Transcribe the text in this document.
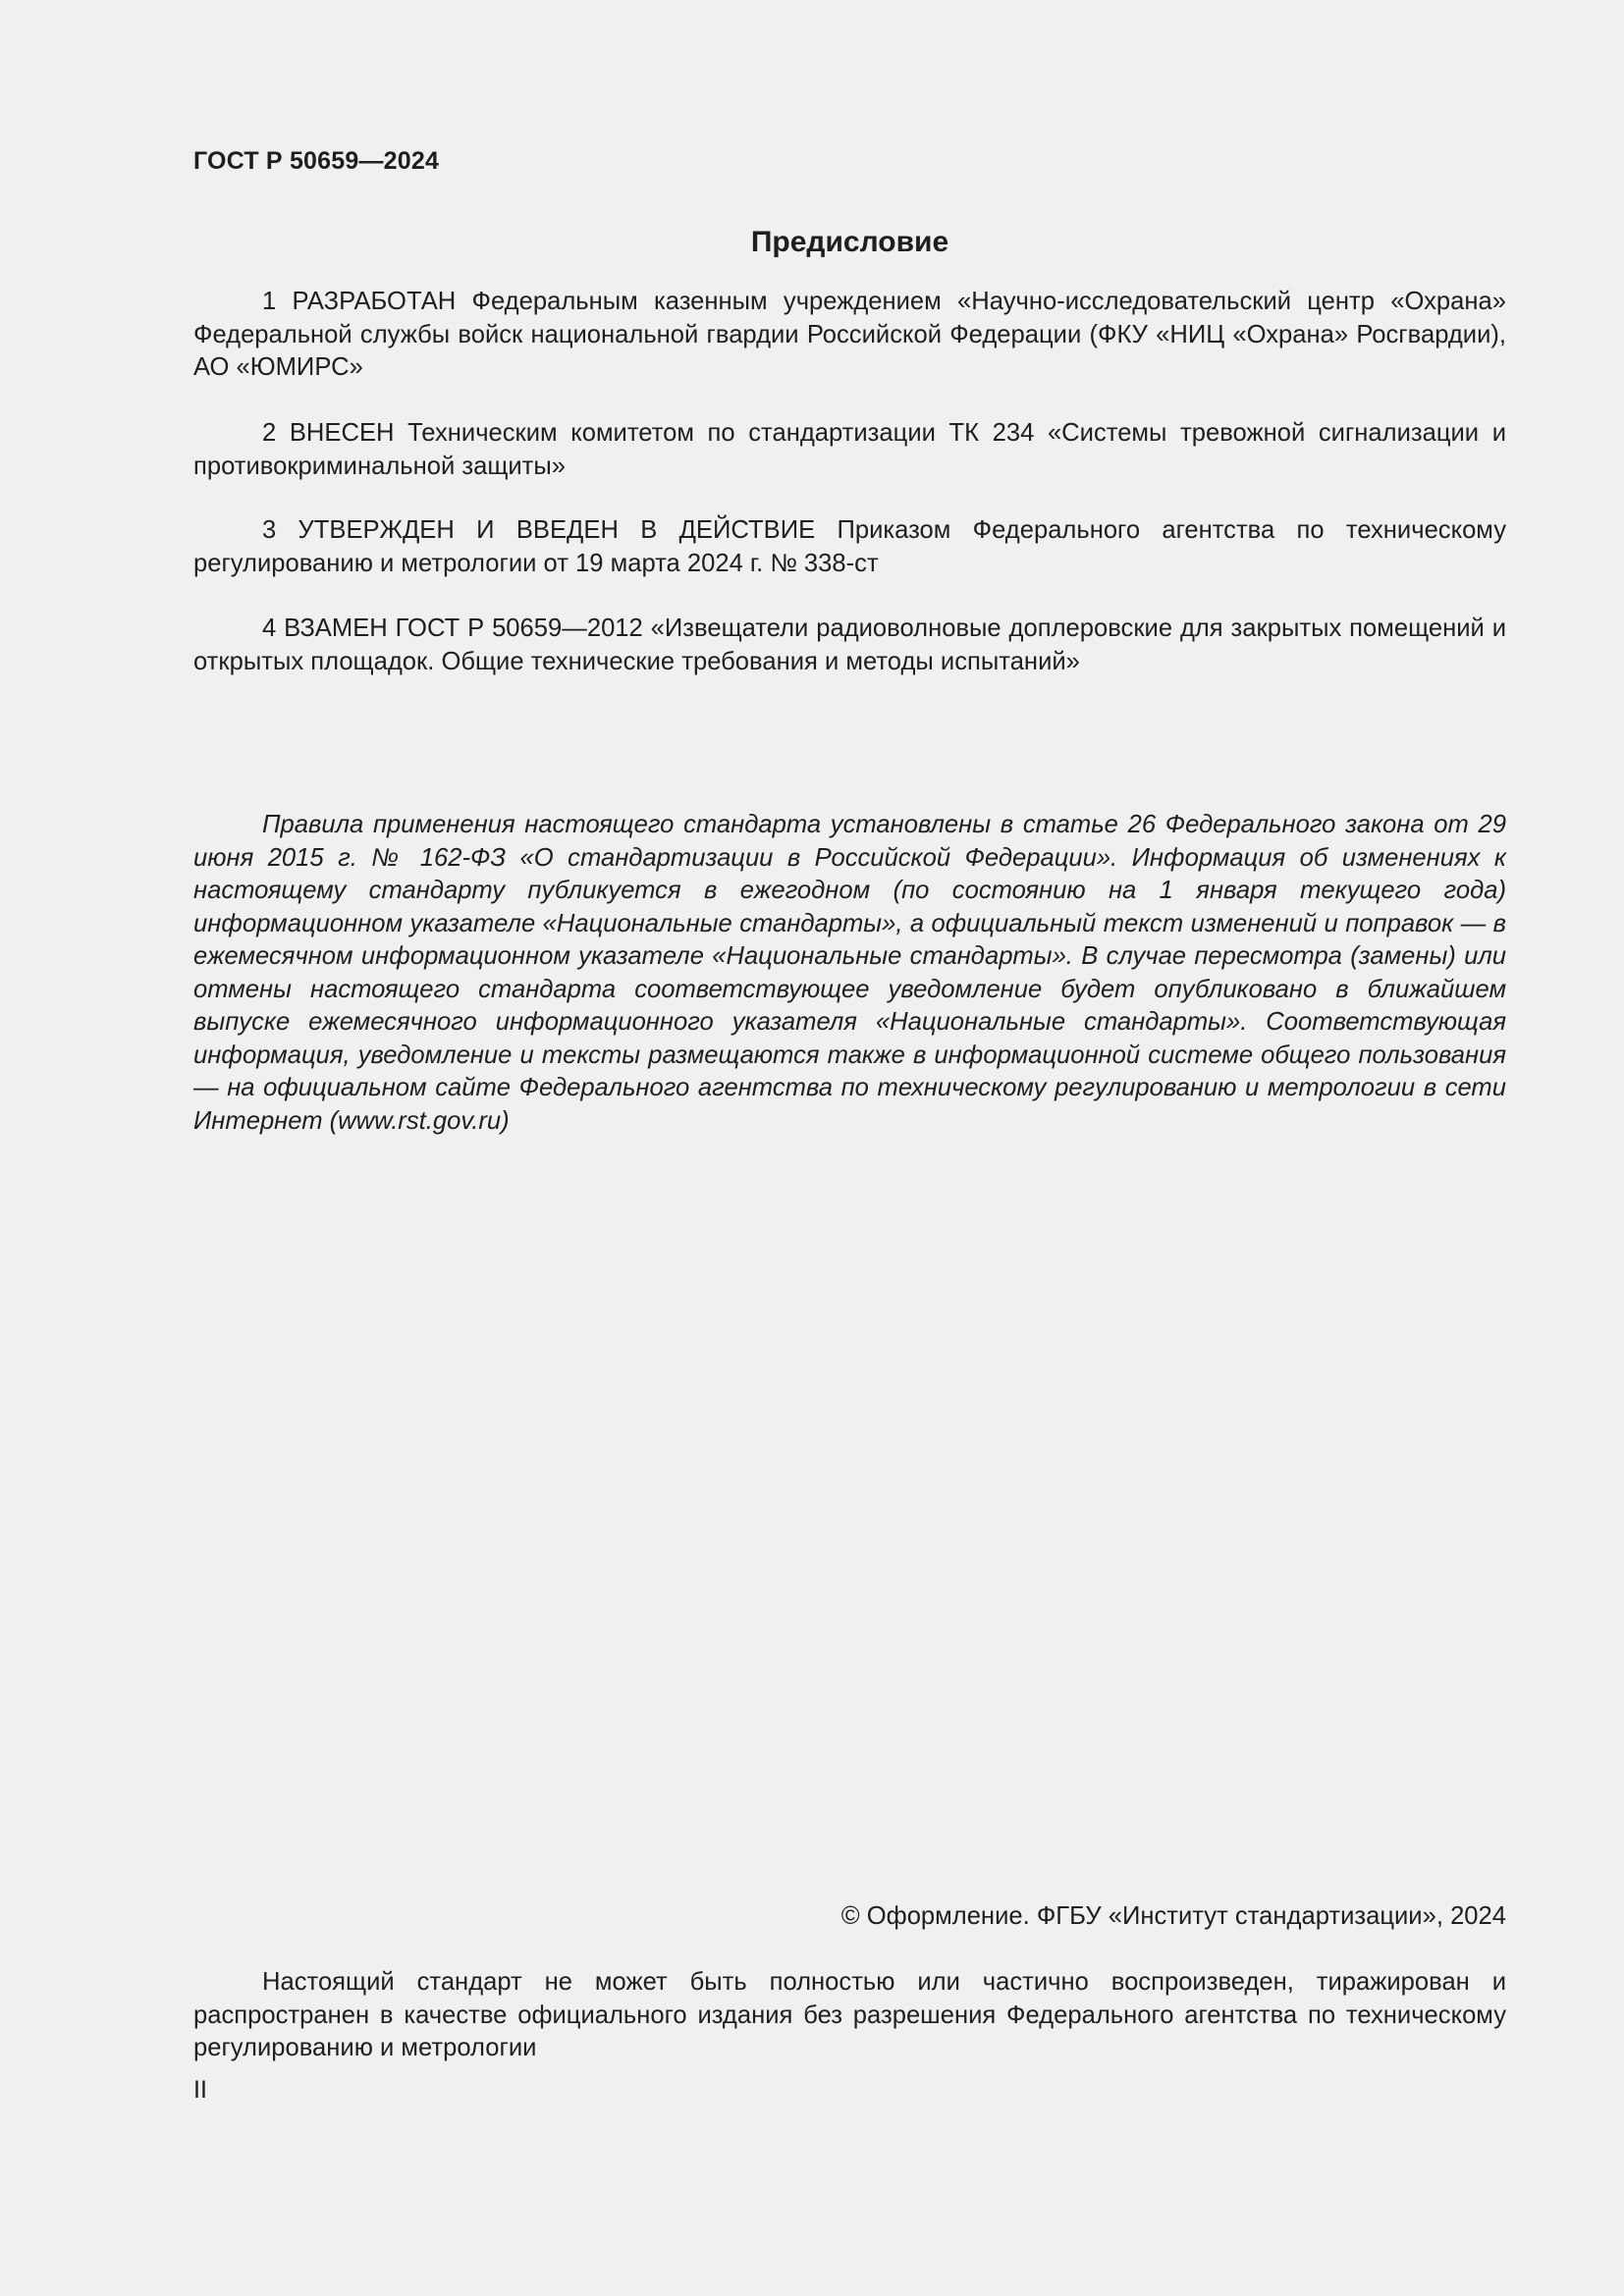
ГОСТ Р 50659—2024
Предисловие

1 РАЗРАБОТАН Федеральным казенным учреждением «Научно-исследовательский центр «Охрана» Федеральной службы войск национальной гвардии Российской Федерации (ФКУ «НИЦ «Охрана» Росгвардии), АО «ЮМИРС»

2 ВНЕСЕН Техническим комитетом по стандартизации ТК 234 «Системы тревожной сигнализации и противокриминальной защиты»

3 УТВЕРЖДЕН И ВВЕДЕН В ДЕЙСТВИЕ Приказом Федерального агентства по техническому регулированию и метрологии от 19 марта 2024 г. № 338-ст

4 ВЗАМЕН ГОСТ Р 50659—2012 «Извещатели радиоволновые доплеровские для закрытых помещений и открытых площадок. Общие технические требования и методы испытаний»

Правила применения настоящего стандарта установлены в статье 26 Федерального закона от 29 июня 2015 г. № 162-ФЗ «О стандартизации в Российской Федерации». Информация об изменениях к настоящему стандарту публикуется в ежегодном (по состоянию на 1 января текущего года) информационном указателе «Национальные стандарты», а официальный текст изменений и поправок — в ежемесячном информационном указателе «Национальные стандарты». В случае пересмотра (замены) или отмены настоящего стандарта соответствующее уведомление будет опубликовано в ближайшем выпуске ежемесячного информационного указателя «Национальные стандарты». Соответствующая информация, уведомление и тексты размещаются также в информационной системе общего пользования — на официальном сайте Федерального агентства по техническому регулированию и метрологии в сети Интернет (www.rst.gov.ru)

© Оформление. ФГБУ «Институт стандартизации», 2024

Настоящий стандарт не может быть полностью или частично воспроизведен, тиражирован и распространен в качестве официального издания без разрешения Федерального агентства по техническому регулированию и метрологии

II
